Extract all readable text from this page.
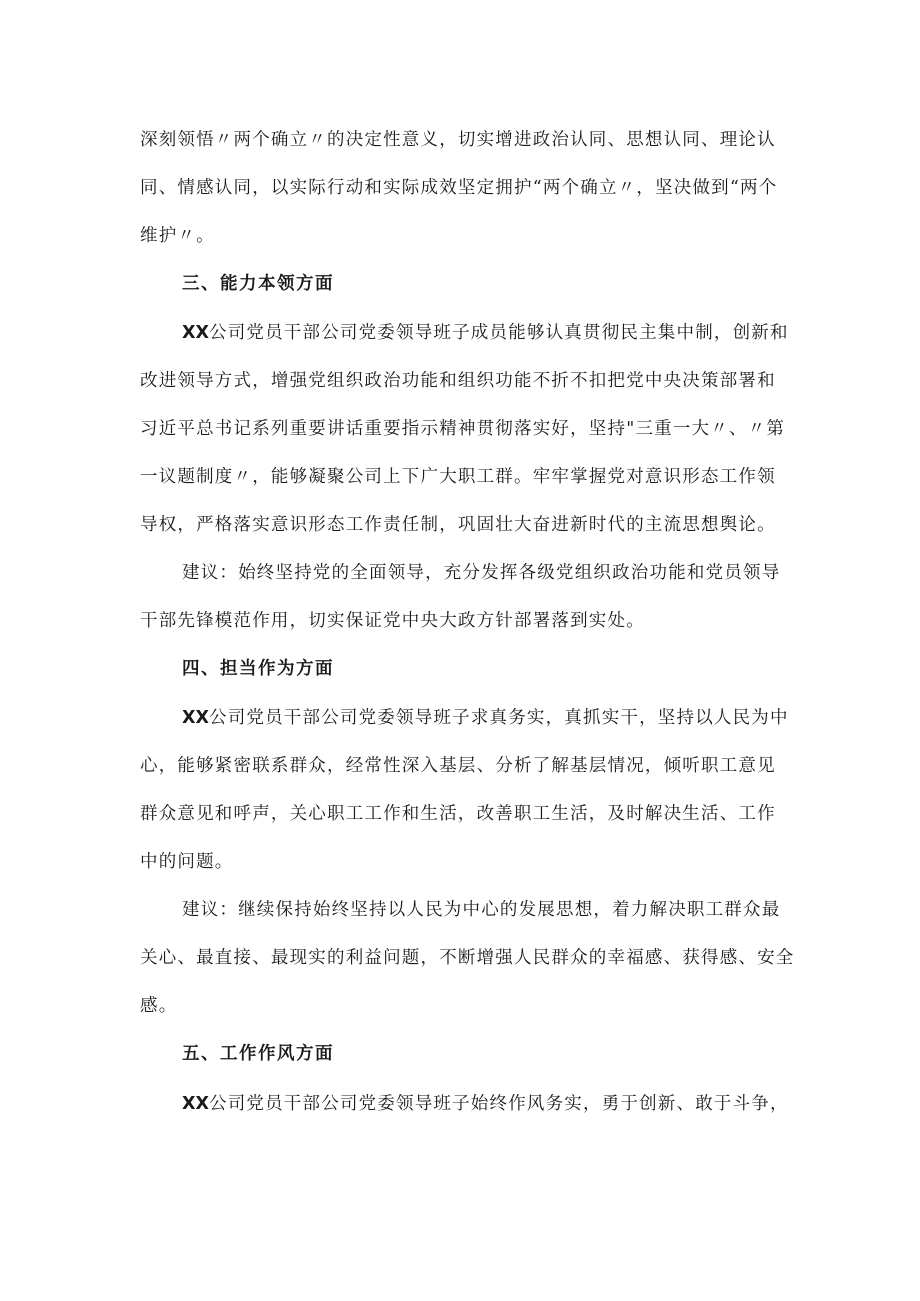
深刻领悟〃两个确立〃的决定性意义，切实增进政治认同、思想认同、理论认
同、情感认同，以实际行动和实际成效坚定拥护“两个确立〃，坚决做到“两个
维护〃。
三、能力本领方面
XX公司党员干部公司党委领导班子成员能够认真贯彻民主集中制，创新和
改进领导方式，增强党组织政治功能和组织功能不折不扣把党中央决策部署和
习近平总书记系列重要讲话重要指示精神贯彻落实好，坚持"三重一大〃、〃第
一议题制度〃，能够凝聚公司上下广大职工群。牢牢掌握党对意识形态工作领
导权，严格落实意识形态工作责任制，巩固壮大奋进新时代的主流思想舆论。
建议：始终坚持党的全面领导，充分发挥各级党组织政治功能和党员领导
干部先锋模范作用，切实保证党中央大政方针部署落到实处。
四、担当作为方面
XX公司党员干部公司党委领导班子求真务实，真抓实干，坚持以人民为中
心，能够紧密联系群众，经常性深入基层、分析了解基层情况，倾听职工意见
群众意见和呼声，关心职工工作和生活，改善职工生活，及时解决生活、工作
中的问题。
建议：继续保持始终坚持以人民为中心的发展思想，着力解决职工群众最
关心、最直接、最现实的利益问题，不断增强人民群众的幸福感、获得感、安全
感。
五、工作作风方面
XX公司党员干部公司党委领导班子始终作风务实，勇于创新、敢于斗争，
